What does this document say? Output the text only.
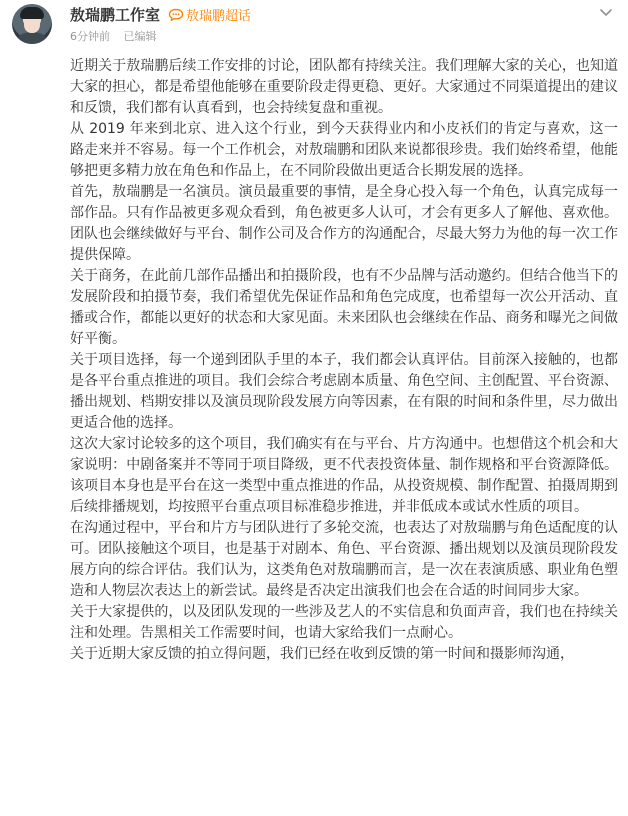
敖瑞鹏工作室 敖瑞鹏超话
6分钟前 已编辑

近期关于敖瑞鹏后续工作安排的讨论，团队都有持续关注。我们理解大家的关心，也知道大家的担心，都是希望他能够在重要阶段走得更稳、更好。大家通过不同渠道提出的建议和反馈，我们都有认真看到，也会持续复盘和重视。

从 2019 年来到北京、进入这个行业，到今天获得业内和小皮袄们的肯定与喜欢，这一路走来并不容易。每一个工作机会，对敖瑞鹏和团队来说都很珍贵。我们始终希望，他能够把更多精力放在角色和作品上，在不同阶段做出更适合长期发展的选择。

首先，敖瑞鹏是一名演员。演员最重要的事情，是全身心投入每一个角色，认真完成每一部作品。只有作品被更多观众看到，角色被更多人认可，才会有更多人了解他、喜欢他。团队也会继续做好与平台、制作公司及合作方的沟通配合，尽最大努力为他的每一次工作提供保障。

关于商务，在此前几部作品播出和拍摄阶段，也有不少品牌与活动邀约。但结合他当下的发展阶段和拍摄节奏，我们希望优先保证作品和角色完成度，也希望每一次公开活动、直播或合作，都能以更好的状态和大家见面。未来团队也会继续在作品、商务和曝光之间做好平衡。

关于项目选择，每一个递到团队手里的本子，我们都会认真评估。目前深入接触的，也都是各平台重点推进的项目。我们会综合考虑剧本质量、角色空间、主创配置、平台资源、播出规划、档期安排以及演员现阶段发展方向等因素，在有限的时间和条件里，尽力做出更适合他的选择。

这次大家讨论较多的这个项目，我们确实有在与平台、片方沟通中。也想借这个机会和大家说明：中剧备案并不等同于项目降级，更不代表投资体量、制作规格和平台资源降低。该项目本身也是平台在这一类型中重点推进的作品，从投资规模、制作配置、拍摄周期到后续排播规划，均按照平台重点项目标准稳步推进，并非低成本或试水性质的项目。

在沟通过程中，平台和片方与团队进行了多轮交流，也表达了对敖瑞鹏与角色适配度的认可。团队接触这个项目，也是基于对剧本、角色、平台资源、播出规划以及演员现阶段发展方向的综合评估。我们认为，这类角色对敖瑞鹏而言，是一次在表演质感、职业角色塑造和人物层次表达上的新尝试。最终是否决定出演我们也会在合适的时间同步大家。

关于大家提供的，以及团队发现的一些涉及艺人的不实信息和负面声音，我们也在持续关注和处理。告黑相关工作需要时间，也请大家给我们一点耐心。

关于近期大家反馈的拍立得问题，我们已经在收到反馈的第一时间和摄影师沟通，
